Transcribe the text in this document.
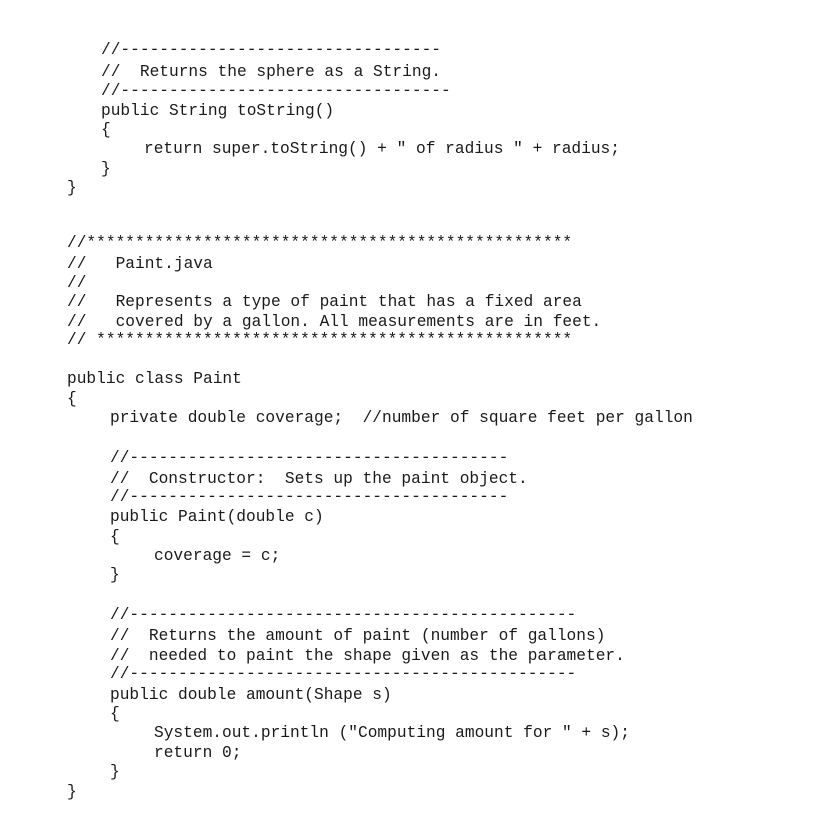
//---------------------------------
//  Returns the sphere as a String.
//----------------------------------
public String toString()
{
return super.toString() + " of radius " + radius;
}
}
//**************************************************
//   Paint.java
//
//   Represents a type of paint that has a fixed area
//   covered by a gallon. All measurements are in feet.
// *************************************************
public class Paint
{
private double coverage;  //number of square feet per gallon
//---------------------------------------
//  Constructor:  Sets up the paint object.
//---------------------------------------
public Paint(double c)
{
coverage = c;
}
//----------------------------------------------
//  Returns the amount of paint (number of gallons)
//  needed to paint the shape given as the parameter.
//----------------------------------------------
public double amount(Shape s)
{
System.out.println ("Computing amount for " + s);
return 0;
}
}
